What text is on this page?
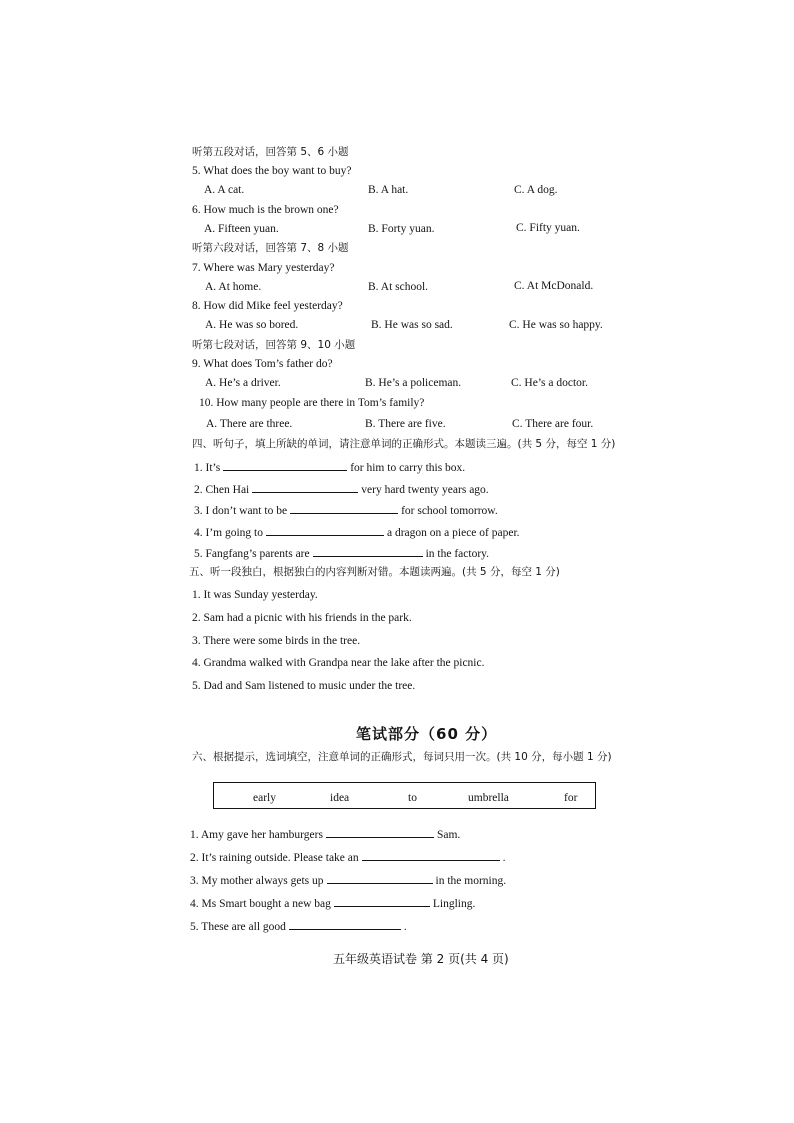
听第五段对话，回答第 5、6 小题
5. What does the boy want to buy?
A. A cat.	B. A hat.	C. A dog.
6. How much is the brown one?
A. Fifteen yuan.	B. Forty yuan.	C. Fifty yuan.
听第六段对话，回答第 7、8 小题
7. Where was Mary yesterday?
A. At home.	B. At school.	C. At McDonald.
8. How did Mike feel yesterday?
A. He was so bored.	B. He was so sad.	C. He was so happy.
听第七段对话，回答第 9、10 小题
9. What does Tom’s father do?
A. He’s a driver.	B. He’s a policeman.	C. He’s a doctor.
10. How many people are there in Tom’s family?
A. There are three.	B. There are five.	C. There are four.
四、听句子，填上所缺的单词，请注意单词的正确形式。本题读三遍。(共 5 分，每空 1 分)
1. It’s	for him to carry this box.
2. Chen Hai	very hard twenty years ago.
3. I don’t want to be	for school tomorrow.
4. I’m going to	a dragon on a piece of paper.
5. Fangfang’s parents are	in the factory.
五、听一段独白，根据独白的内容判断对错。本题读两遍。(共 5 分，每空 1 分)
1. It was Sunday yesterday.
2. Sam had a picnic with his friends in the park.
3. There were some birds in the tree.
4. Grandma walked with Grandpa near the lake after the picnic.
5. Dad and Sam listened to music under the tree.
笔试部分（60 分）
六、根据提示，选词填空，注意单词的正确形式，每词只用一次。(共 10 分，每小题 1 分)
early	idea	to	umbrella	for
1. Amy gave her hamburgers	Sam.
2. It’s raining outside. Please take an	.
3. My mother always gets up	in the morning.
4. Ms Smart bought a new bag	Lingling.
5. These are all good	.
五年级英语试卷 第 2 页(共 4 页)
